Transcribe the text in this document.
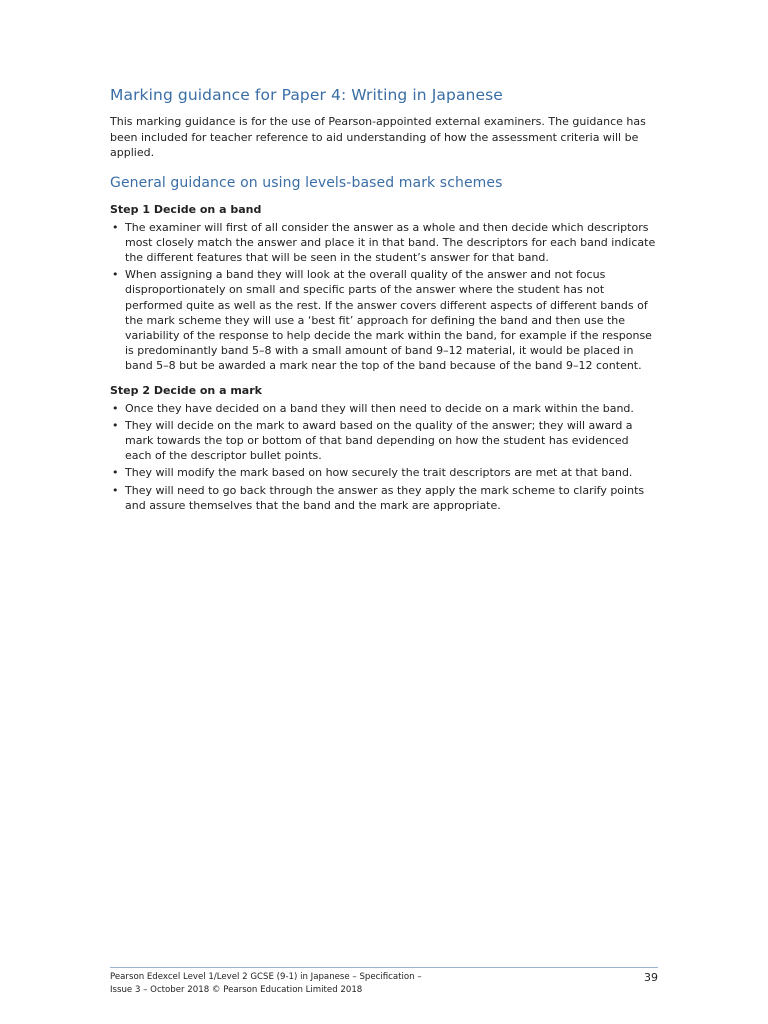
Marking guidance for Paper 4: Writing in Japanese

This marking guidance is for the use of Pearson-appointed external examiners. The guidance has been included for teacher reference to aid understanding of how the assessment criteria will be applied.

General guidance on using levels-based mark schemes
Step 1 Decide on a band
• The examiner will first of all consider the answer as a whole and then decide which descriptors most closely match the answer and place it in that band. The descriptors for each band indicate the different features that will be seen in the student’s answer for that band.
• When assigning a band they will look at the overall quality of the answer and not focus disproportionately on small and specific parts of the answer where the student has not performed quite as well as the rest. If the answer covers different aspects of different bands of the mark scheme they will use a ‘best fit’ approach for defining the band and then use the variability of the response to help decide the mark within the band, for example if the response is predominantly band 5–8 with a small amount of band 9–12 material, it would be placed in band 5–8 but be awarded a mark near the top of the band because of the band 9–12 content.
Step 2 Decide on a mark
• Once they have decided on a band they will then need to decide on a mark within the band.
• They will decide on the mark to award based on the quality of the answer; they will award a mark towards the top or bottom of that band depending on how the student has evidenced each of the descriptor bullet points.
• They will modify the mark based on how securely the trait descriptors are met at that band.
• They will need to go back through the answer as they apply the mark scheme to clarify points and assure themselves that the band and the mark are appropriate.
Pearson Edexcel Level 1/Level 2 GCSE (9-1) in Japanese – Specification –
Issue 3 – October 2018 © Pearson Education Limited 2018
39
